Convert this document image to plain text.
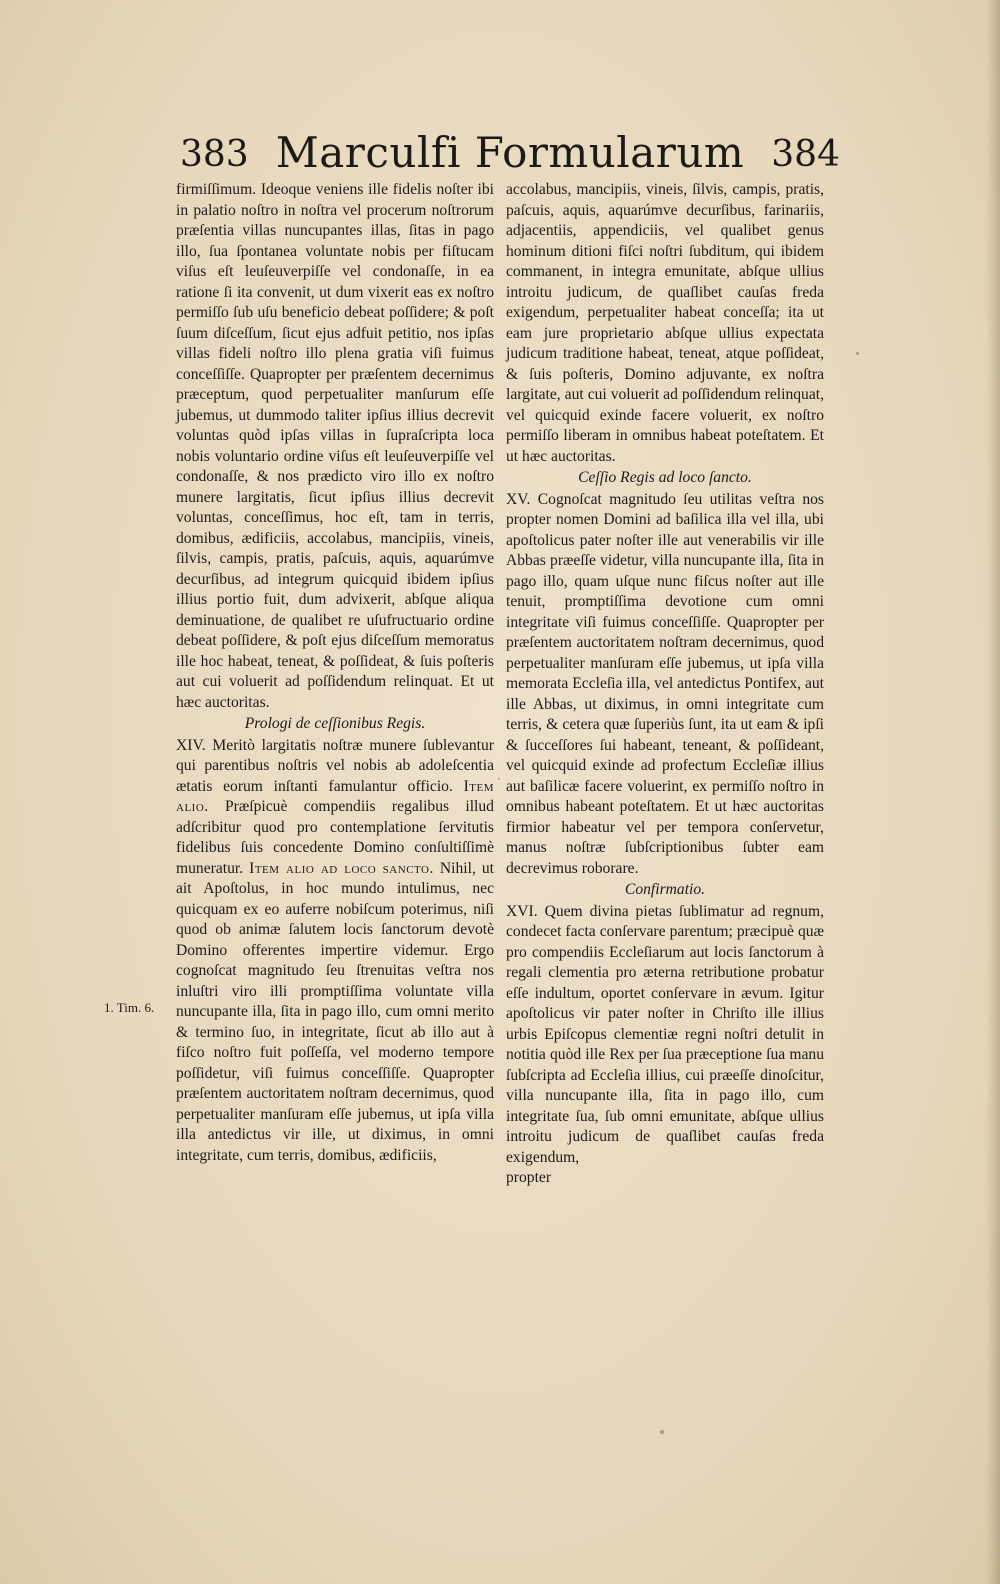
383 Marculfi Formularum 384
1. Tim. 6.

firmiſſimum. Ideoque veniens ille fidelis noſter ibi in palatio noſtro in noſtra vel procerum noſtrorum præſentia villas nuncupantes illas, ſitas in pago illo, ſua ſpontanea voluntate nobis per fiſtucam viſus eſt leuſeuverpiſſe vel condonaſſe, in ea ratione ſi ita convenit, ut dum vixerit eas ex noſtro permiſſo ſub uſu beneficio debeat poſſidere; & poſt ſuum diſceſſum, ſicut ejus adfuit petitio, nos ipſas villas fideli noſtro illo plena gratia viſi fuimus conceſſiſſe. Quapropter per præſentem decernimus præceptum, quod perpetualiter manſurum eſſe jubemus, ut dummodo taliter ipſius illius decrevit voluntas quòd ipſas villas in ſupraſcripta loca nobis voluntario ordine viſus eſt leuſeuverpiſſe vel condonaſſe, & nos prædicto viro illo ex noſtro munere largitatis, ſicut ipſius illius decrevit voluntas, conceſſimus, hoc eſt, tam in terris, domibus, ædificiis, accolabus, mancipiis, vineis, ſilvis, campis, pratis, paſcuis, aquis, aquarúmve decurſibus, ad integrum quicquid ibidem ipſius illius portio fuit, dum advixerit, abſque aliqua deminuatione, de qualibet re uſufructuario ordine debeat poſſidere, & poſt ejus diſceſſum memoratus ille hoc habeat, teneat, & poſſideat, & ſuis poſteris aut cui voluerit ad poſſidendum relinquat. Et ut hæc auctoritas.

Prologi de ceſſionibus Regis.

XIV. Meritò largitatis noſtræ munere ſublevantur qui parentibus noſtris vel nobis ab adoleſcentia ætatis eorum inſtanti famulantur officio. Item alio. Præſpicuè compendiis regalibus illud adſcribitur quod pro contemplatione ſervitutis fidelibus ſuis concedente Domino conſultiſſimè muneratur. Item alio ad loco sancto. Nihil, ut ait Apoſtolus, in hoc mundo intulimus, nec quicquam ex eo auferre nobiſcum poterimus, niſi quod ob animæ ſalutem locis ſanctorum devotè Domino offerentes impertire videmur. Ergo cognoſcat magnitudo ſeu ſtrenuitas veſtra nos inluſtri viro illi promptiſſima voluntate villa nuncupante illa, ſita in pago illo, cum omni merito & termino ſuo, in integritate, ſicut ab illo aut à fiſco noſtro fuit poſſeſſa, vel moderno tempore poſſidetur, viſi fuimus conceſſiſſe. Quapropter præſentem auctoritatem noſtram decernimus, quod perpetualiter manſuram eſſe jubemus, ut ipſa villa illa antedictus vir ille, ut diximus, in omni integritate, cum terris, domibus, ædificiis,

accolabus, mancipiis, vineis, ſilvis, campis, pratis, paſcuis, aquis, aquarúmve decurſibus, farinariis, adjacentiis, appendiciis, vel qualibet genus hominum ditioni fiſci noſtri ſubditum, qui ibidem commanent, in integra emunitate, abſque ullius introitu judicum, de quaſlibet cauſas freda exigendum, perpetualiter habeat conceſſa; ita ut eam jure proprietario abſque ullius expectata judicum traditione habeat, teneat, atque poſſideat, & ſuis poſteris, Domino adjuvante, ex noſtra largitate, aut cui voluerit ad poſſidendum relinquat, vel quicquid exinde facere voluerit, ex noſtro permiſſo liberam in omnibus habeat poteſtatem. Et ut hæc auctoritas.

Ceſſio Regis ad loco ſancto.

XV. Cognoſcat magnitudo ſeu utilitas veſtra nos propter nomen Domini ad baſilica illa vel illa, ubi apoſtolicus pater noſter ille aut venerabilis vir ille Abbas præeſſe videtur, villa nuncupante illa, ſita in pago illo, quam uſque nunc fiſcus noſter aut ille tenuit, promptiſſima devotione cum omni integritate viſi fuimus conceſſiſſe. Quapropter per præſentem auctoritatem noſtram decernimus, quod perpetualiter manſuram eſſe jubemus, ut ipſa villa memorata Eccleſia illa, vel antedictus Pontifex, aut ille Abbas, ut diximus, in omni integritate cum terris, & cetera quæ ſuperiùs ſunt, ita ut eam & ipſi & ſucceſſores ſui habeant, teneant, & poſſideant, vel quicquid exinde ad profectum Eccleſiæ illius aut baſilicæ facere voluerint, ex permiſſo noſtro in omnibus habeant poteſtatem. Et ut hæc auctoritas firmior habeatur vel per tempora conſervetur, manus noſtræ ſubſcriptionibus ſubter eam decrevimus roborare.

Confirmatio.

XVI. Quem divina pietas ſublimatur ad regnum, condecet facta conſervare parentum; præcipuè quæ pro compendiis Eccleſiarum aut locis ſanctorum à regali clementia pro æterna retributione probatur eſſe indultum, oportet conſervare in ævum. Igitur apoſtolicus vir pater noſter in Chriſto ille illius urbis Epiſcopus clementiæ regni noſtri detulit in notitia quòd ille Rex per ſua præceptione ſua manu ſubſcripta ad Eccleſia illius, cui præeſſe dinoſcitur, villa nuncupante illa, ſita in pago illo, cum integritate ſua, ſub omni emunitate, abſque ullius introitu judicum de quaſlibet cauſas freda exigendum,

propter
